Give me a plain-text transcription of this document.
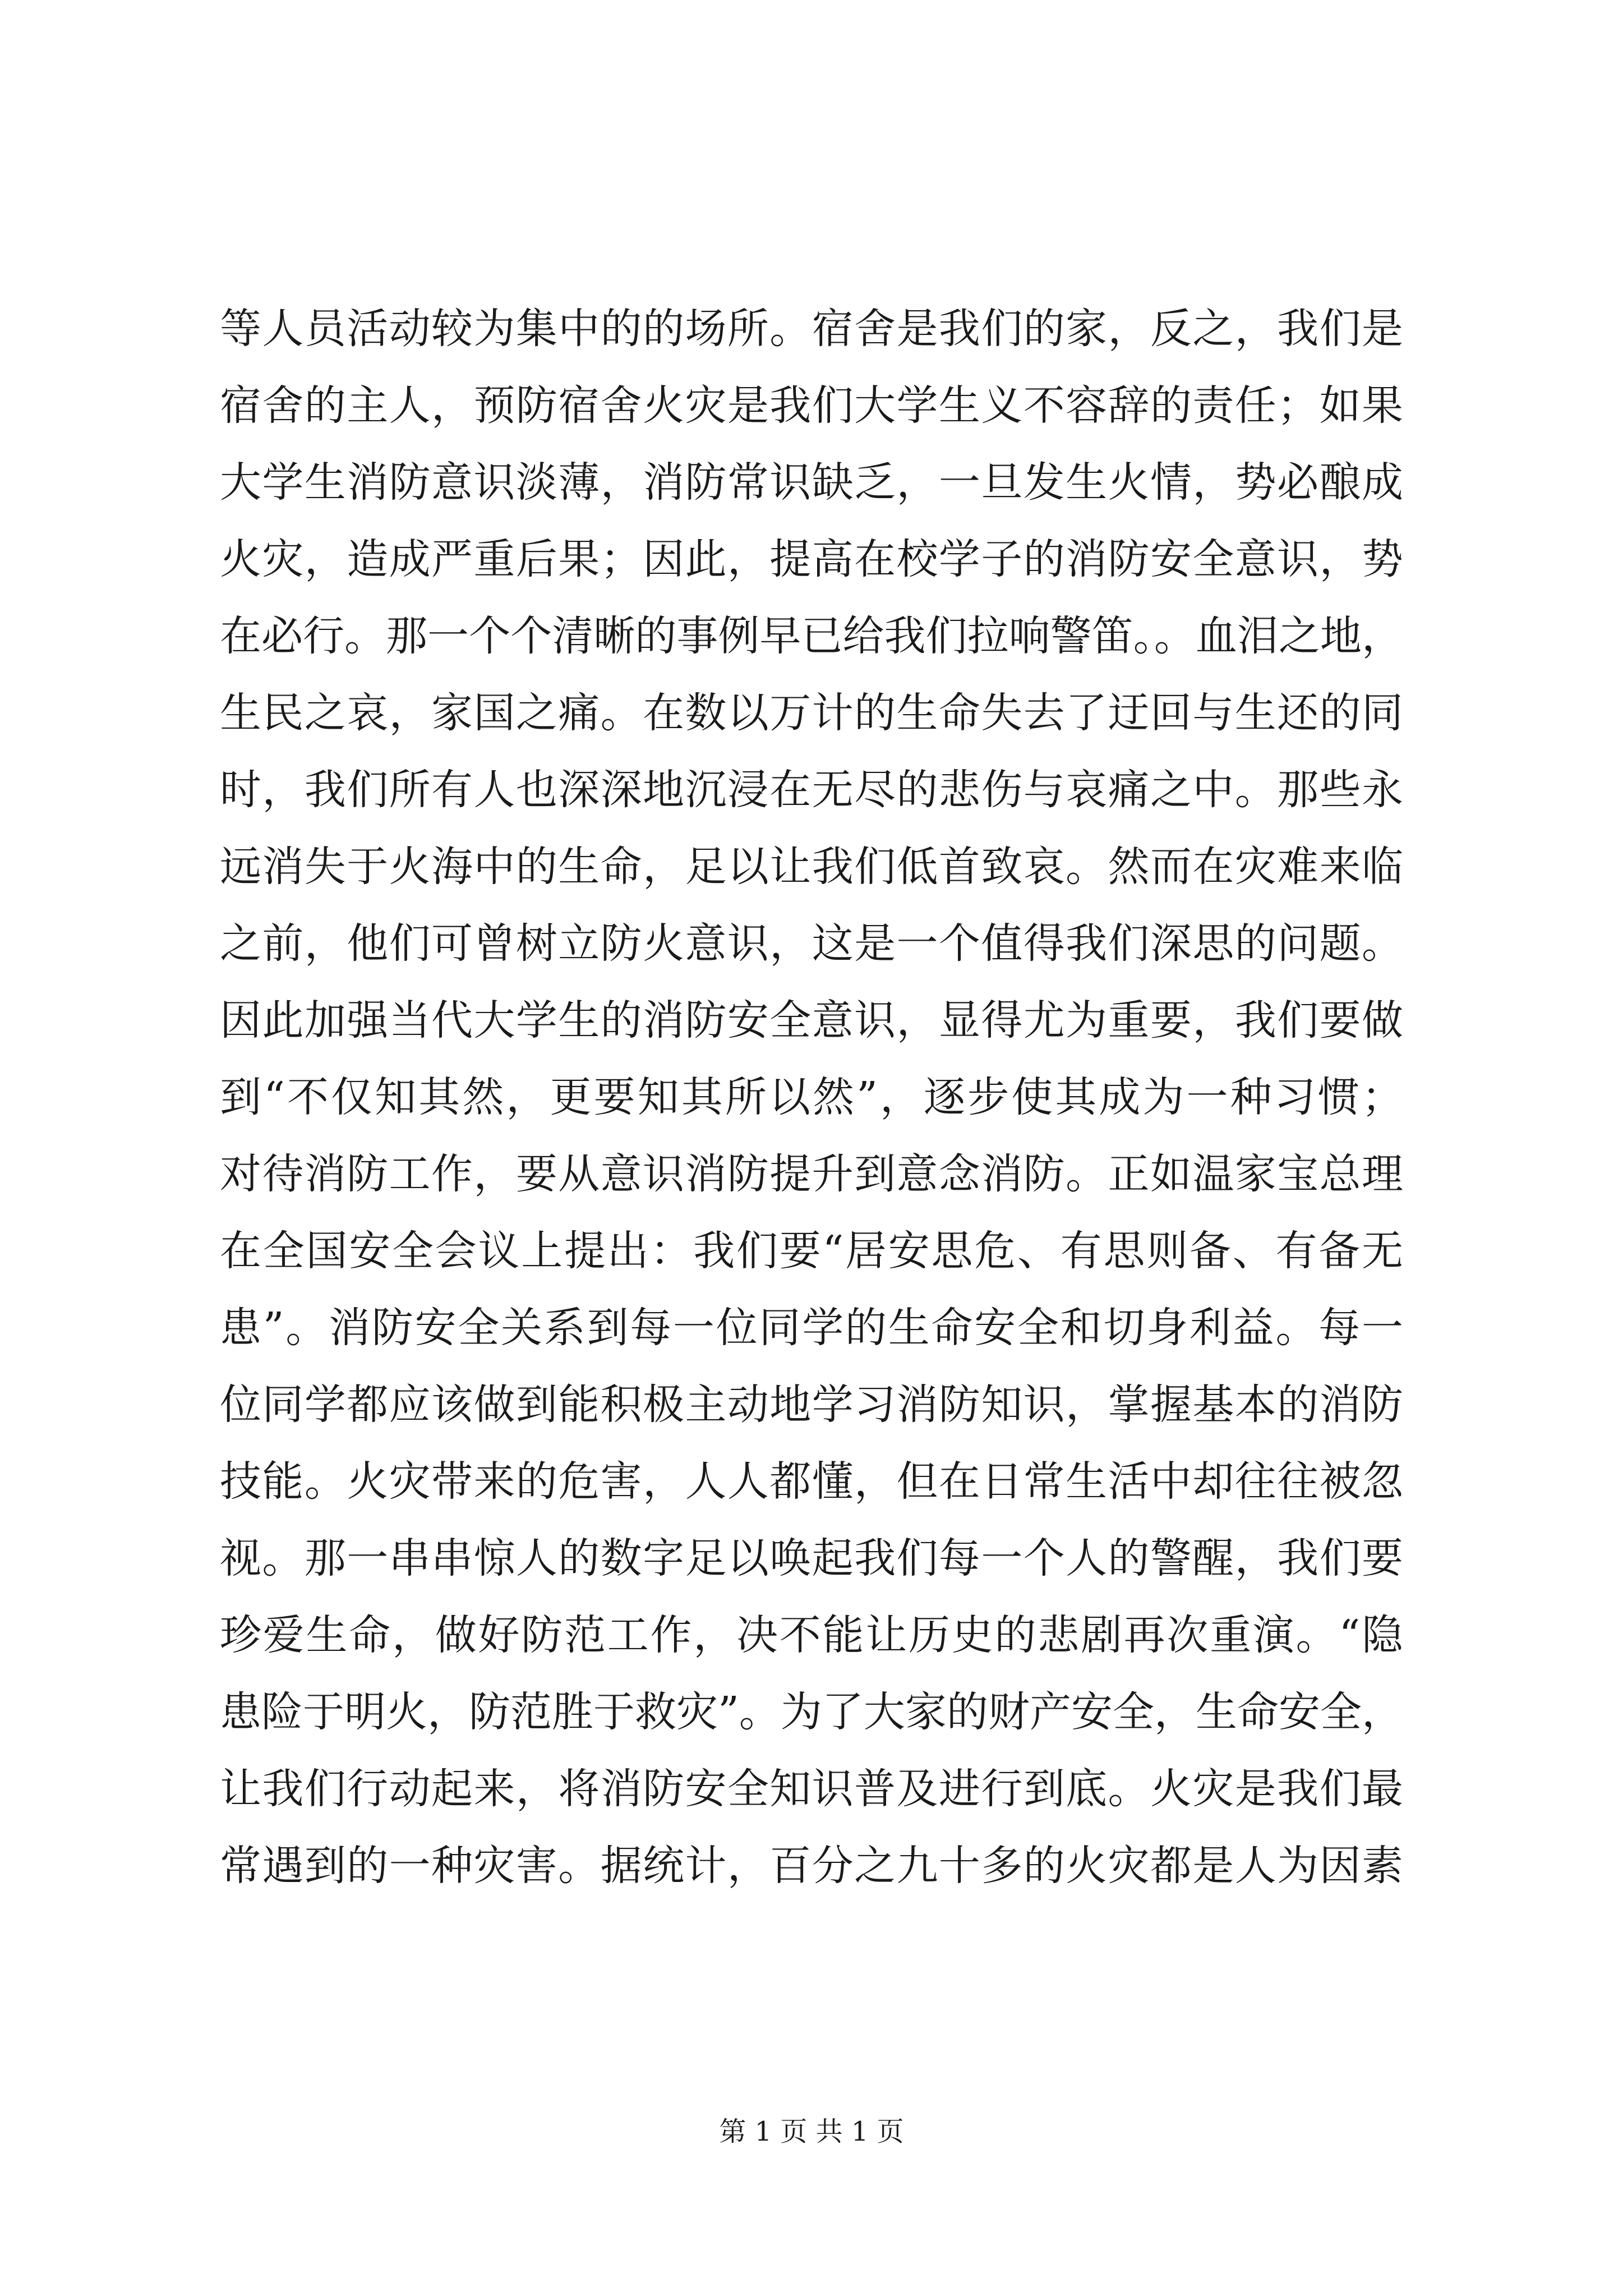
等人员活动较为集中的的场所。宿舍是我们的家，反之，我们是
宿舍的主人，预防宿舍火灾是我们大学生义不容辞的责任；如果
大学生消防意识淡薄，消防常识缺乏，一旦发生火情，势必酿成
火灾，造成严重后果；因此，提高在校学子的消防安全意识，势
在必行。那一个个清晰的事例早已给我们拉响警笛。。血泪之地，
生民之哀，家国之痛。在数以万计的生命失去了迂回与生还的同
时，我们所有人也深深地沉浸在无尽的悲伤与哀痛之中。那些永
远消失于火海中的生命，足以让我们低首致哀。然而在灾难来临
之前，他们可曾树立防火意识，这是一个值得我们深思的问题。
因此加强当代大学生的消防安全意识，显得尤为重要，我们要做
到“不仅知其然，更要知其所以然”，逐步使其成为一种习惯；
对待消防工作，要从意识消防提升到意念消防。正如温家宝总理
在全国安全会议上提出：我们要“居安思危、有思则备、有备无
患”。消防安全关系到每一位同学的生命安全和切身利益。每一
位同学都应该做到能积极主动地学习消防知识，掌握基本的消防
技能。火灾带来的危害，人人都懂，但在日常生活中却往往被忽
视。那一串串惊人的数字足以唤起我们每一个人的警醒，我们要
珍爱生命，做好防范工作，决不能让历史的悲剧再次重演。“隐
患险于明火，防范胜于救灾”。为了大家的财产安全，生命安全，
让我们行动起来，将消防安全知识普及进行到底。火灾是我们最
常遇到的一种灾害。据统计，百分之九十多的火灾都是人为因素
第 1 页 共 1 页
